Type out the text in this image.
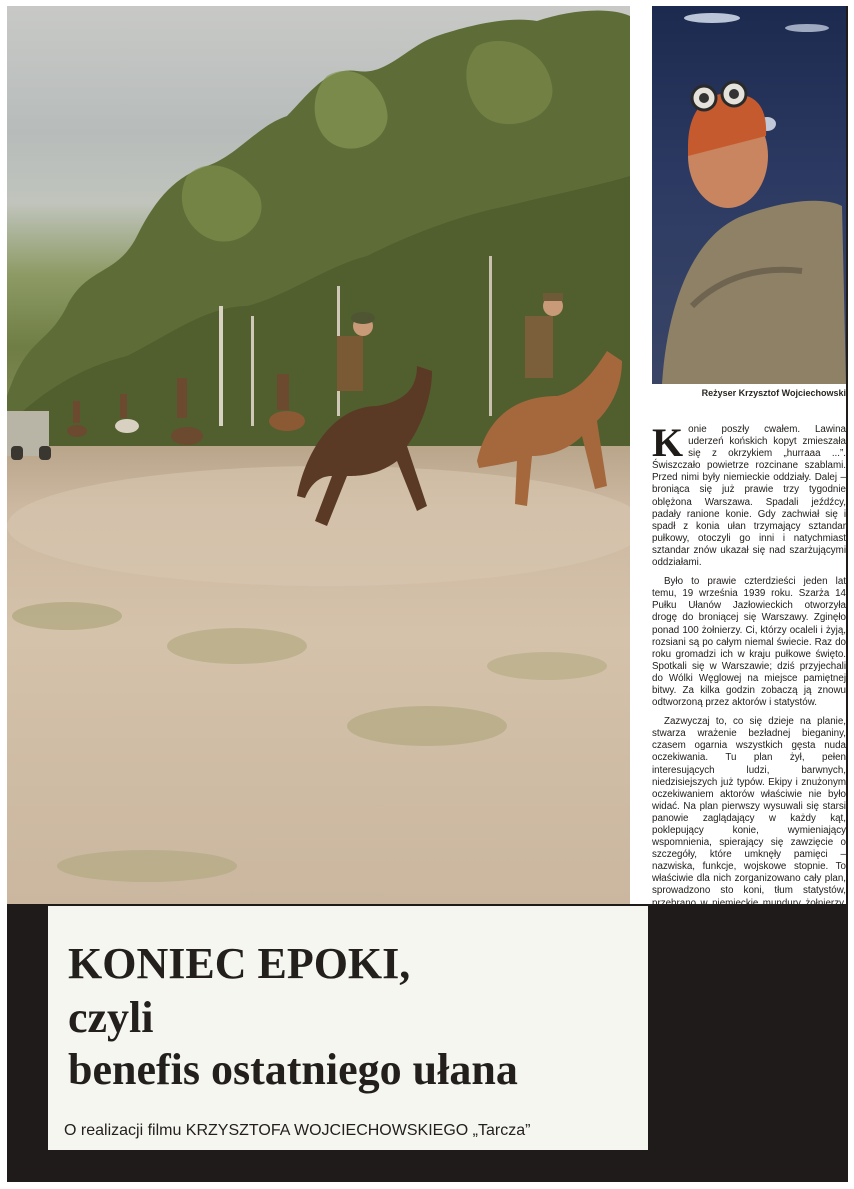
Reżyser Krzysztof Wojciechowski

Konie poszły cwałem. Lawina uderzeń końskich kopyt zmieszała się z okrzykiem „hurraaa ...”. Świszczało powietrze rozcinane szablami. Przed nimi były niemieckie oddziały. Dalej – broniąca się już prawie trzy tygodnie oblężona Warszawa. Spadali jeźdźcy, padały ranione konie. Gdy zachwiał się i spadł z konia ułan trzymający sztandar pułkowy, otoczyli go inni i natychmiast sztandar znów ukazał się nad szarżującymi oddziałami.

Było to prawie czterdzieści jeden lat temu, 19 września 1939 roku. Szarża 14 Pułku Ułanów Jazłowieckich otworzyła drogę do broniącej się Warszawy. Zginęło ponad 100 żołnierzy. Ci, którzy ocaleli i żyją, rozsiani są po całym niemal świecie. Raz do roku gromadzi ich w kraju pułkowe święto. Spotkali się w Warszawie; dziś przyjechali do Wólki Węglowej na miejsce pamiętnej bitwy. Za kilka godzin zobaczą ją znowu odtworzoną przez aktorów i statystów.

Zazwyczaj to, co się dzieje na planie, stwarza wrażenie bezładnej bieganiny, czasem ogarnia wszystkich gęsta nuda oczekiwania. Tu plan żył, pełen interesujących ludzi, barwnych, niedzisiejszych już typów. Ekipy i znużonym oczekiwaniem aktorów właściwie nie było widać. Na plan pierwszy wysuwali się starsi panowie zaglądający w każdy kąt, poklepujący konie, wymieniający wspomnienia, spierający się zawzięcie o szczegóły, które umknęły pamięci – nazwiska, funkcje, wojskowe stopnie. To właściwie dla nich zorganizowano cały plan, sprowadzono sto koni, tłum statystów,

KONIEC EPOKI,
czyli
benefis ostatniego ułana
O realizacji filmu KRZYSZTOFA WOJCIECHOWSKIEGO „Tarcza”
